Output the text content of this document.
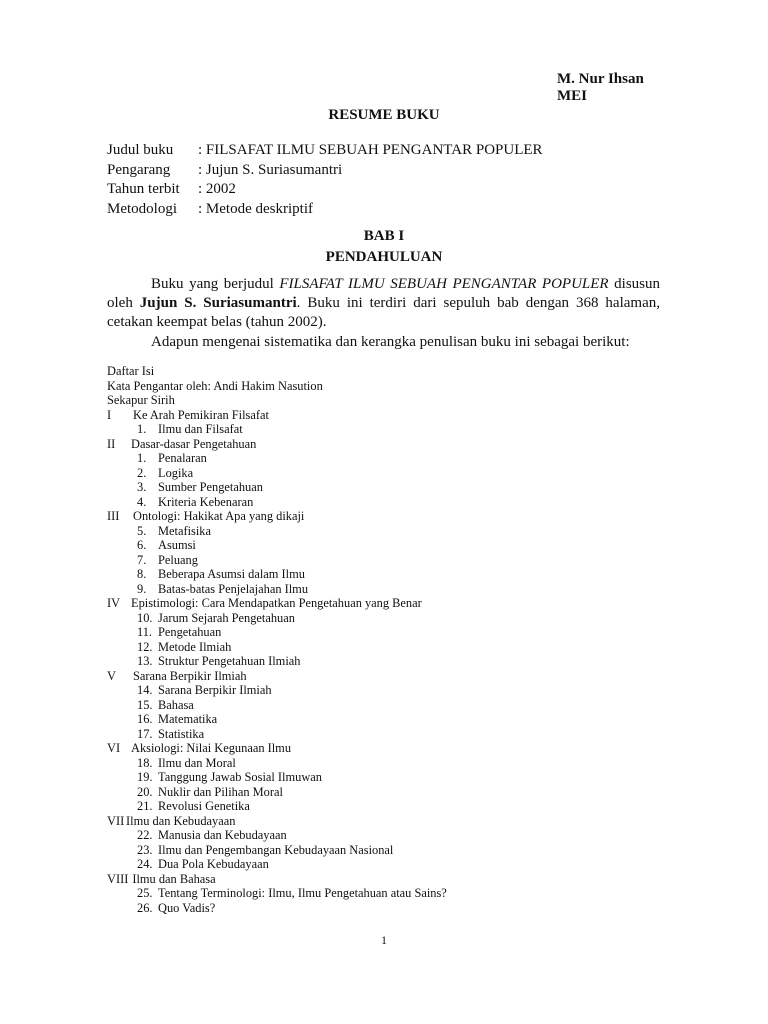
M. Nur Ihsan
MEI
RESUME BUKU
Judul buku	: FILSAFAT ILMU SEBUAH PENGANTAR POPULER
Pengarang	: Jujun S. Suriasumantri
Tahun terbit	: 2002
Metodologi	: Metode deskriptif
BAB I
PENDAHULUAN
Buku yang berjudul FILSAFAT ILMU SEBUAH PENGANTAR POPULER disusun oleh Jujun S. Suriasumantri. Buku ini terdiri dari sepuluh bab dengan 368 halaman, cetakan keempat belas (tahun 2002).
Adapun mengenai sistematika dan kerangka penulisan buku ini sebagai berikut:
Daftar Isi
Kata Pengantar oleh: Andi Hakim Nasution
Sekapur Sirih
I Ke Arah Pemikiran Filsafat
1. Ilmu dan Filsafat
II Dasar-dasar Pengetahuan
1. Penalaran
2. Logika
3. Sumber Pengetahuan
4. Kriteria Kebenaran
III Ontologi: Hakikat Apa yang dikaji
5. Metafisika
6. Asumsi
7. Peluang
8. Beberapa Asumsi dalam Ilmu
9. Batas-batas Penjelajahan Ilmu
IV Epistimologi: Cara Mendapatkan Pengetahuan yang Benar
10. Jarum Sejarah Pengetahuan
11. Pengetahuan
12. Metode Ilmiah
13. Struktur Pengetahuan Ilmiah
V Sarana Berpikir Ilmiah
14. Sarana Berpikir Ilmiah
15. Bahasa
16. Matematika
17. Statistika
VI Aksiologi: Nilai Kegunaan Ilmu
18. Ilmu dan Moral
19. Tanggung Jawab Sosial Ilmuwan
20. Nuklir dan Pilihan Moral
21. Revolusi Genetika
VII Ilmu dan Kebudayaan
22. Manusia dan Kebudayaan
23. Ilmu dan Pengembangan Kebudayaan Nasional
24. Dua Pola Kebudayaan
VIII Ilmu dan Bahasa
25. Tentang Terminologi: Ilmu, Ilmu Pengetahuan atau Sains?
26. Quo Vadis?
1
